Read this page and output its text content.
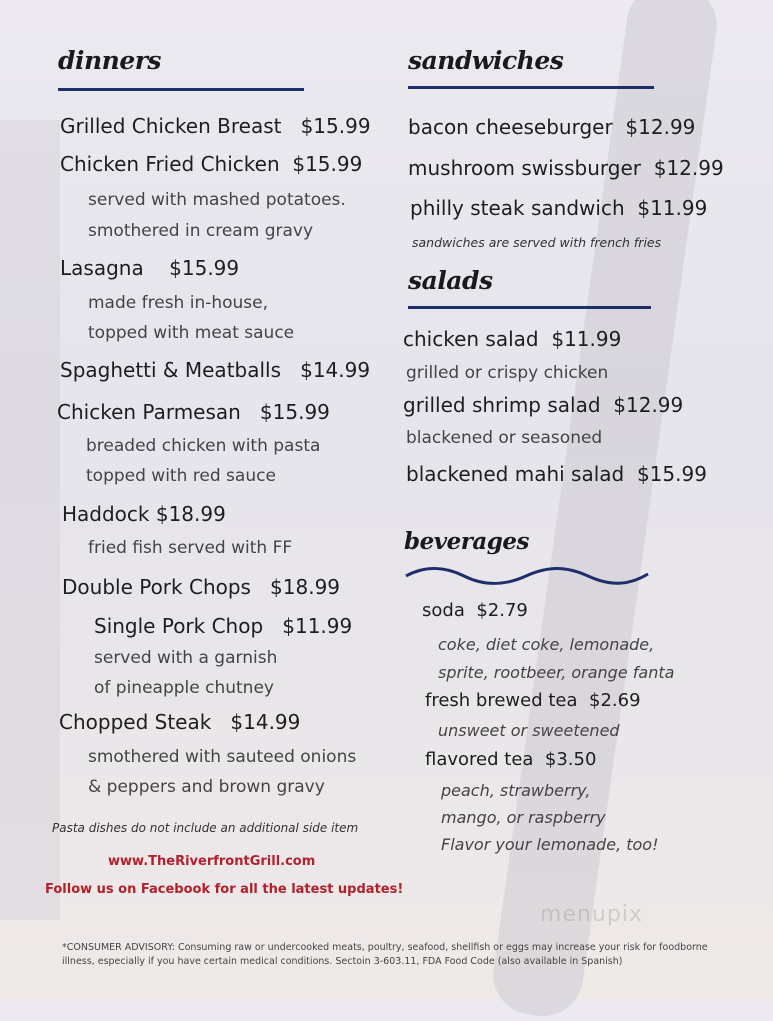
dinners
Grilled Chicken Breast $15.99
Chicken Fried Chicken $15.99
served with mashed potatoes.
smothered in cream gravy
Lasagna $15.99
made fresh in-house,
topped with meat sauce
Spaghetti & Meatballs $14.99
Chicken Parmesan $15.99
breaded chicken with pasta
topped with red sauce
Haddock $18.99
fried fish served with FF
Double Pork Chops $18.99
Single Pork Chop $11.99
served with a garnish
of pineapple chutney
Chopped Steak $14.99
smothered with sauteed onions
& peppers and brown gravy
Pasta dishes do not include an additional side item
sandwiches
bacon cheeseburger $12.99
mushroom swissburger $12.99
philly steak sandwich $11.99
sandwiches are served with french fries
salads
chicken salad $11.99
grilled or crispy chicken
grilled shrimp salad $12.99
blackened or seasoned
blackened mahi salad $15.99
beverages
soda $2.79
coke, diet coke, lemonade,
sprite, rootbeer, orange fanta
fresh brewed tea $2.69
unsweet or sweetened
flavored tea $3.50
peach, strawberry,
mango, or raspberry
Flavor your lemonade, too!
www.TheRiverfrontGrill.com
Follow us on Facebook for all the latest updates!
menupix
*CONSUMER ADVISORY: Consuming raw or undercooked meats, poultry, seafood, shellfish or eggs may increase your risk for foodborne illness, especially if you have certain medical conditions. Sectoin 3-603.11, FDA Food Code (also available in Spanish)
